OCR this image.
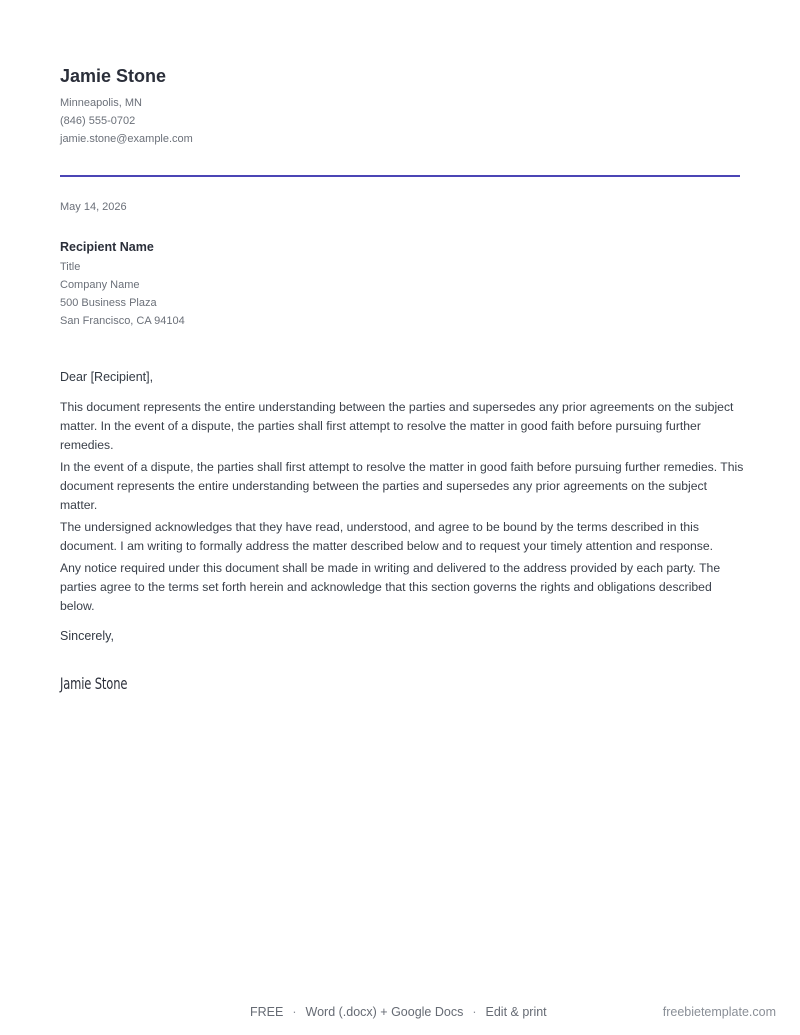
Jamie Stone
Minneapolis, MN
(846) 555-0702
jamie.stone@example.com
May 14, 2026
Recipient Name
Title
Company Name
500 Business Plaza
San Francisco, CA 94104
Dear [Recipient],

This document represents the entire understanding between the parties and supersedes any prior agreements on the subject matter. In the event of a dispute, the parties shall first attempt to resolve the matter in good faith before pursuing further remedies.

In the event of a dispute, the parties shall first attempt to resolve the matter in good faith before pursuing further remedies. This document represents the entire understanding between the parties and supersedes any prior agreements on the subject matter.

The undersigned acknowledges that they have read, understood, and agree to be bound by the terms described in this document. I am writing to formally address the matter described below and to request your timely attention and response.

Any notice required under this document shall be made in writing and delivered to the address provided by each party. The parties agree to the terms set forth herein and acknowledge that this section governs the rights and obligations described below.

Sincerely,
Jamie Stone
FREE · Word (.docx) + Google Docs · Edit & print	freebietemplate.com
